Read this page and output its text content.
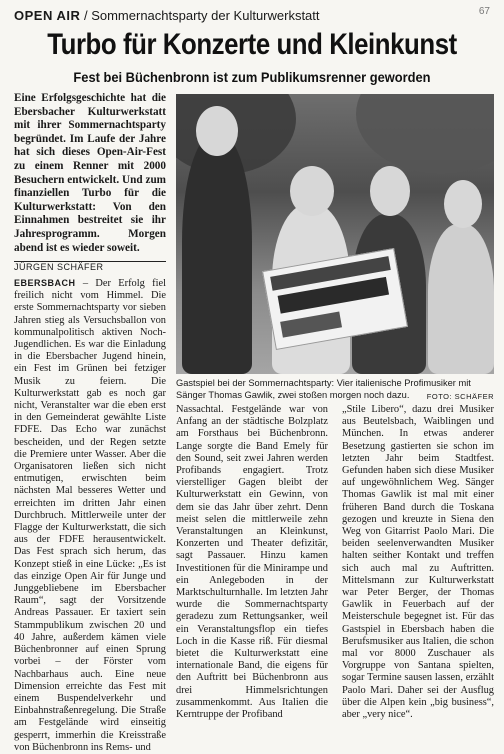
67
OPEN AIR / Sommernachtsparty der Kulturwerkstatt
Turbo für Konzerte und Kleinkunst
Fest bei Büchenbronn ist zum Publikumsrenner geworden
Eine Erfolgsgeschichte hat die Ebersbacher Kulturwerkstatt mit ihrer Sommernachtsparty begründet. Im Laufe der Jahre hat sich dieses Open-Air-Fest zu einem Renner mit 2000 Besuchern entwickelt. Und zum finanziellen Turbo für die Kulturwerkstatt: Von den Einnahmen bestreitet sie ihr Jahresprogramm. Morgen abend ist es wieder soweit.
JÜRGEN SCHÄFER
Gastspiel bei der Sommernachtsparty: Vier italienische Profimusiker mit Sänger Thomas Gawlik, zwei stoßen morgen noch dazu. FOTO: SCHÄFER

EBERSBACH – Der Erfolg fiel freilich nicht vom Himmel. Die erste Sommernachtsparty vor sieben Jahren stieg als Versuchsballon von kommunalpolitisch aktiven Noch-Jugendlichen. Es war die Einladung in die Ebersbacher Jugend hinein, ein Fest im Grünen bei fetziger Musik zu feiern. Die Kulturwerkstatt gab es noch gar nicht, Veranstalter war die eben erst in den Gemeinderat gewählte Liste FDFE. Das Echo war zunächst bescheiden, und der Regen setzte die Premiere unter Wasser. Aber die Organisatoren ließen sich nicht entmutigen, erwischten beim nächsten Mal besseres Wetter und erreichten im dritten Jahr einen Durchbruch. Mittlerweile unter der Flagge der Kulturwerkstatt, die sich aus der FDFE herausentwickelt. Das Fest sprach sich herum, das Konzept stieß in eine Lücke: „Es ist das einzige Open Air für Junge und Junggebliebene im Ebersbacher Raum“, sagt der Vorsitzende Andreas Passauer. Er taxiert sein Stammpublikum zwischen 20 und 40 Jahre, außerdem kämen viele Büchenbronner auf einen Sprung vorbei – der Förster vom Nachbarhaus auch. Eine neue Dimension erreichte das Fest mit einem Buspendelverkehr und Einbahnstraßenregelung. Die Straße am Festgelände wird einseitig gesperrt, immerhin die Kreisstraße von Büchenbronn ins Rems- und

Nassachtal. Festgelände war von Anfang an der städtische Bolzplatz am Forsthaus bei Büchenbronn. Lange sorgte die Band Emely für den Sound, seit zwei Jahren werden Profibands engagiert. Trotz vierstelliger Gagen bleibt der Kulturwerkstatt ein Gewinn, von dem sie das Jahr über zehrt. Denn meist selen die mittlerweile zehn Veranstaltungen an Kleinkunst, Konzerten und Theater defizitär, sagt Passauer. Hinzu kamen Investitionen für die Minirampe und ein Anlegeboden in der Marktschulturnhalle. Im letzten Jahr wurde die Sommernachtsparty geradezu zum Rettungsanker, weil ein Veranstaltungsflop ein tiefes Loch in die Kasse riß. Für diesmal bietet die Kulturwerkstatt eine internationale Band, die eigens für den Auftritt bei Büchenbronn aus drei Himmelsrichtungen zusammenkommt. Aus Italien die Kerntruppe der Profiband

„Stile Libero“, dazu drei Musiker aus Beutelsbach, Waiblingen und München. In etwas anderer Besetzung gastierten sie schon im letzten Jahr beim Stadtfest. Gefunden haben sich diese Musiker auf ungewöhnlichem Weg. Sänger Thomas Gawlik ist mal mit einer früheren Band durch die Toskana gezogen und kreuzte in Siena den Weg von Gitarrist Paolo Mari. Die beiden seelenverwandten Musiker halten seither Kontakt und treffen sich auch mal zu Auftritten. Mittelsmann zur Kulturwerkstatt war Peter Berger, der Thomas Gawlik in Feuerbach auf der Meisterschule begegnet ist. Für das Gastspiel in Ebersbach haben die Berufsmusiker aus Italien, die schon mal vor 8000 Zuschauer als Vorgruppe von Santana spielten, sogar Termine sausen lassen, erzählt Paolo Mari. Daher sei der Ausflug über die Alpen kein „big business“, aber „very nice“.
